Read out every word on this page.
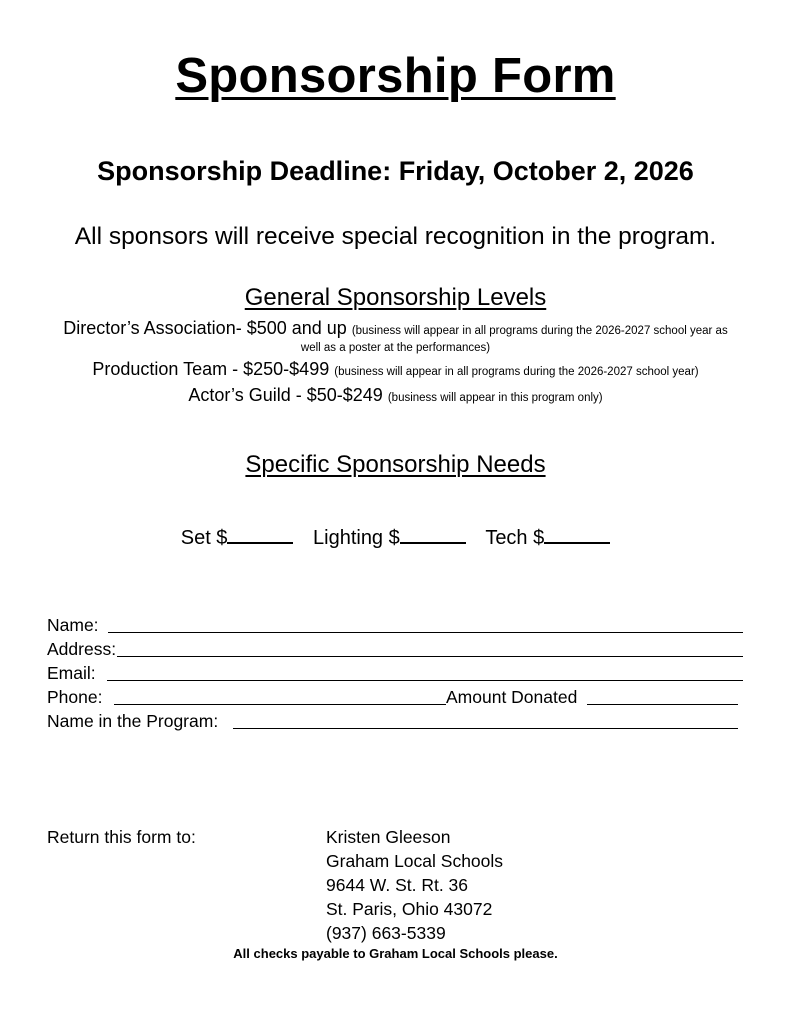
Sponsorship Form
Sponsorship Deadline: Friday, October 2, 2026
All sponsors will receive special recognition in the program.
General Sponsorship Levels
Director’s Association- $500 and up (business will appear in all programs during the 2026-2027 school year as
well as a poster at the performances)
Production Team - $250-$499 (business will appear in all programs during the 2026-2027 school year)
Actor’s Guild - $50-$249 (business will appear in this program only)
Specific Sponsorship Needs
Set $	Lighting $	Tech $
Name:
Address:
Email:
Phone:	Amount Donated
Name in the Program:
Return this form to:	Kristen Gleeson
Graham Local Schools
9644 W. St. Rt. 36
St. Paris, Ohio 43072
(937) 663-5339
All checks payable to Graham Local Schools please.
